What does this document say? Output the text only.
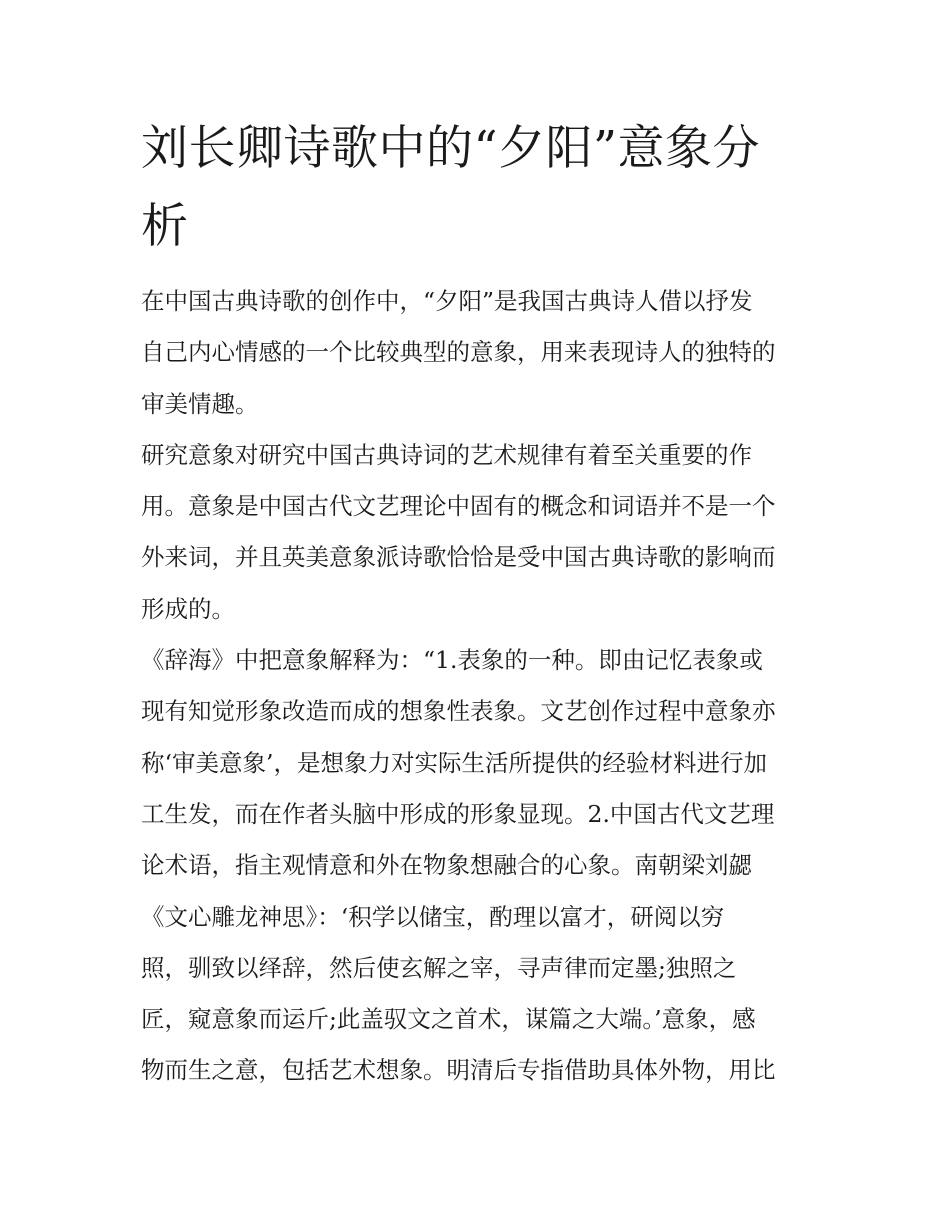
刘长卿诗歌中的“夕阳”意象分
析

在中国古典诗歌的创作中，“夕阳”是我国古典诗人借以抒发
自己内心情感的一个比较典型的意象，用来表现诗人的独特的
审美情趣。

研究意象对研究中国古典诗词的艺术规律有着至关重要的作
用。意象是中国古代文艺理论中固有的概念和词语并不是一个
外来词，并且英美意象派诗歌恰恰是受中国古典诗歌的影响而
形成的。

《辞海》中把意象解释为：“1.表象的一种。即由记忆表象或
现有知觉形象改造而成的想象性表象。文艺创作过程中意象亦
称‘审美意象’，是想象力对实际生活所提供的经验材料进行加
工生发，而在作者头脑中形成的形象显现。2.中国古代文艺理
论术语，指主观情意和外在物象想融合的心象。南朝梁刘勰
《文心雕龙神思》：‘积学以储宝，酌理以富才，研阅以穷
照，驯致以绎辞，然后使玄解之宰，寻声律而定墨;独照之
匠，窥意象而运斤;此盖驭文之首术，谋篇之大端。’意象，感
物而生之意，包括艺术想象。明清后专指借助具体外物，用比
